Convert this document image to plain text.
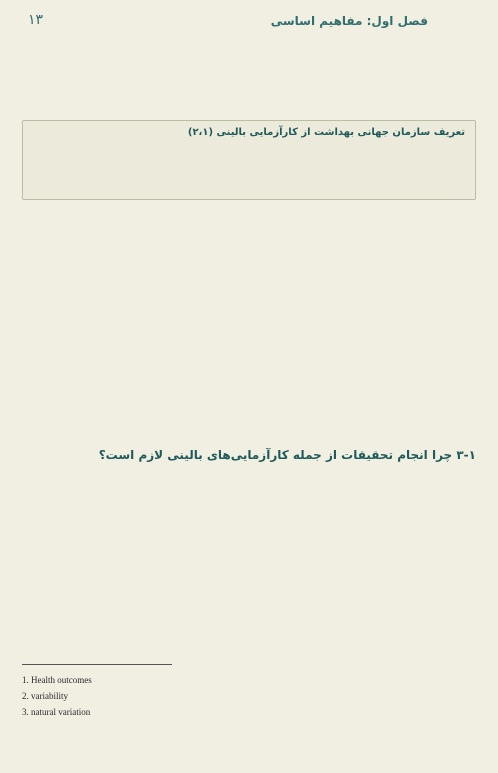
فصل اول: مفاهیم اساسی
۱۳

تعریف سازمان جهانی بهداشت از کارآزمایی بالینی (۲،۱)

۳-۱ چرا انجام تحقیقات از جمله کارآزمایی‌های بالینی لازم است؟

1. Health outcomes
2. variability
3. natural variation
